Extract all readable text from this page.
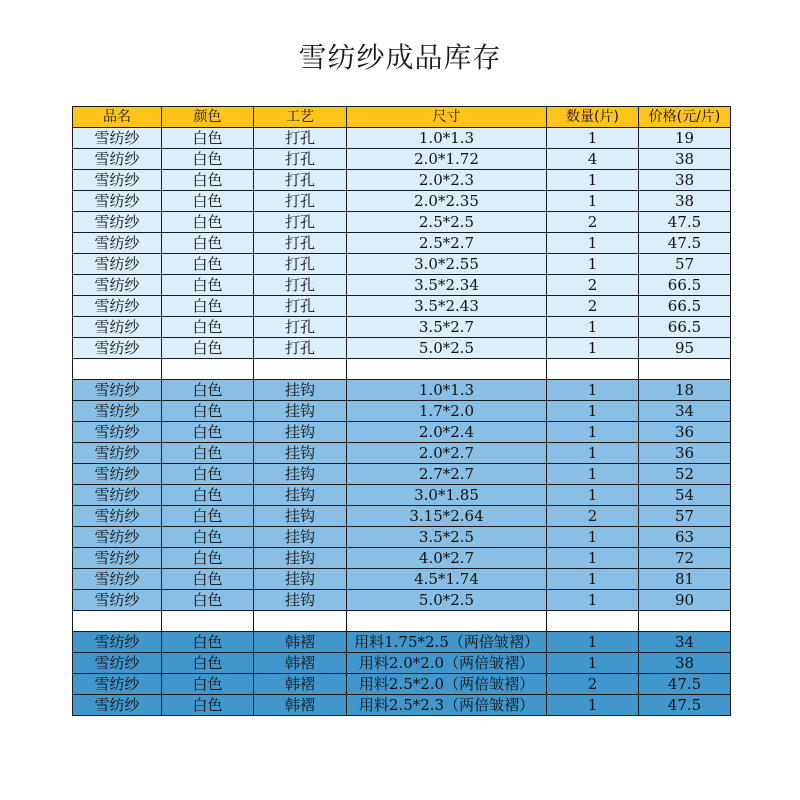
雪纺纱成品库存
品名	颜色	工艺	尺寸	数量(片)	价格(元/片)
雪纺纱	白色	打孔	1.0*1.3	1	19
雪纺纱	白色	打孔	2.0*1.72	4	38
雪纺纱	白色	打孔	2.0*2.3	1	38
雪纺纱	白色	打孔	2.0*2.35	1	38
雪纺纱	白色	打孔	2.5*2.5	2	47.5
雪纺纱	白色	打孔	2.5*2.7	1	47.5
雪纺纱	白色	打孔	3.0*2.55	1	57
雪纺纱	白色	打孔	3.5*2.34	2	66.5
雪纺纱	白色	打孔	3.5*2.43	2	66.5
雪纺纱	白色	打孔	3.5*2.7	1	66.5
雪纺纱	白色	打孔	5.0*2.5	1	95

雪纺纱	白色	挂钩	1.0*1.3	1	18
雪纺纱	白色	挂钩	1.7*2.0	1	34
雪纺纱	白色	挂钩	2.0*2.4	1	36
雪纺纱	白色	挂钩	2.0*2.7	1	36
雪纺纱	白色	挂钩	2.7*2.7	1	52
雪纺纱	白色	挂钩	3.0*1.85	1	54
雪纺纱	白色	挂钩	3.15*2.64	2	57
雪纺纱	白色	挂钩	3.5*2.5	1	63
雪纺纱	白色	挂钩	4.0*2.7	1	72
雪纺纱	白色	挂钩	4.5*1.74	1	81
雪纺纱	白色	挂钩	5.0*2.5	1	90

雪纺纱	白色	韩褶	用料1.75*2.5（两倍皱褶）	1	34
雪纺纱	白色	韩褶	用料2.0*2.0（两倍皱褶）	1	38
雪纺纱	白色	韩褶	用料2.5*2.0（两倍皱褶）	2	47.5
雪纺纱	白色	韩褶	用料2.5*2.3（两倍皱褶）	1	47.5
